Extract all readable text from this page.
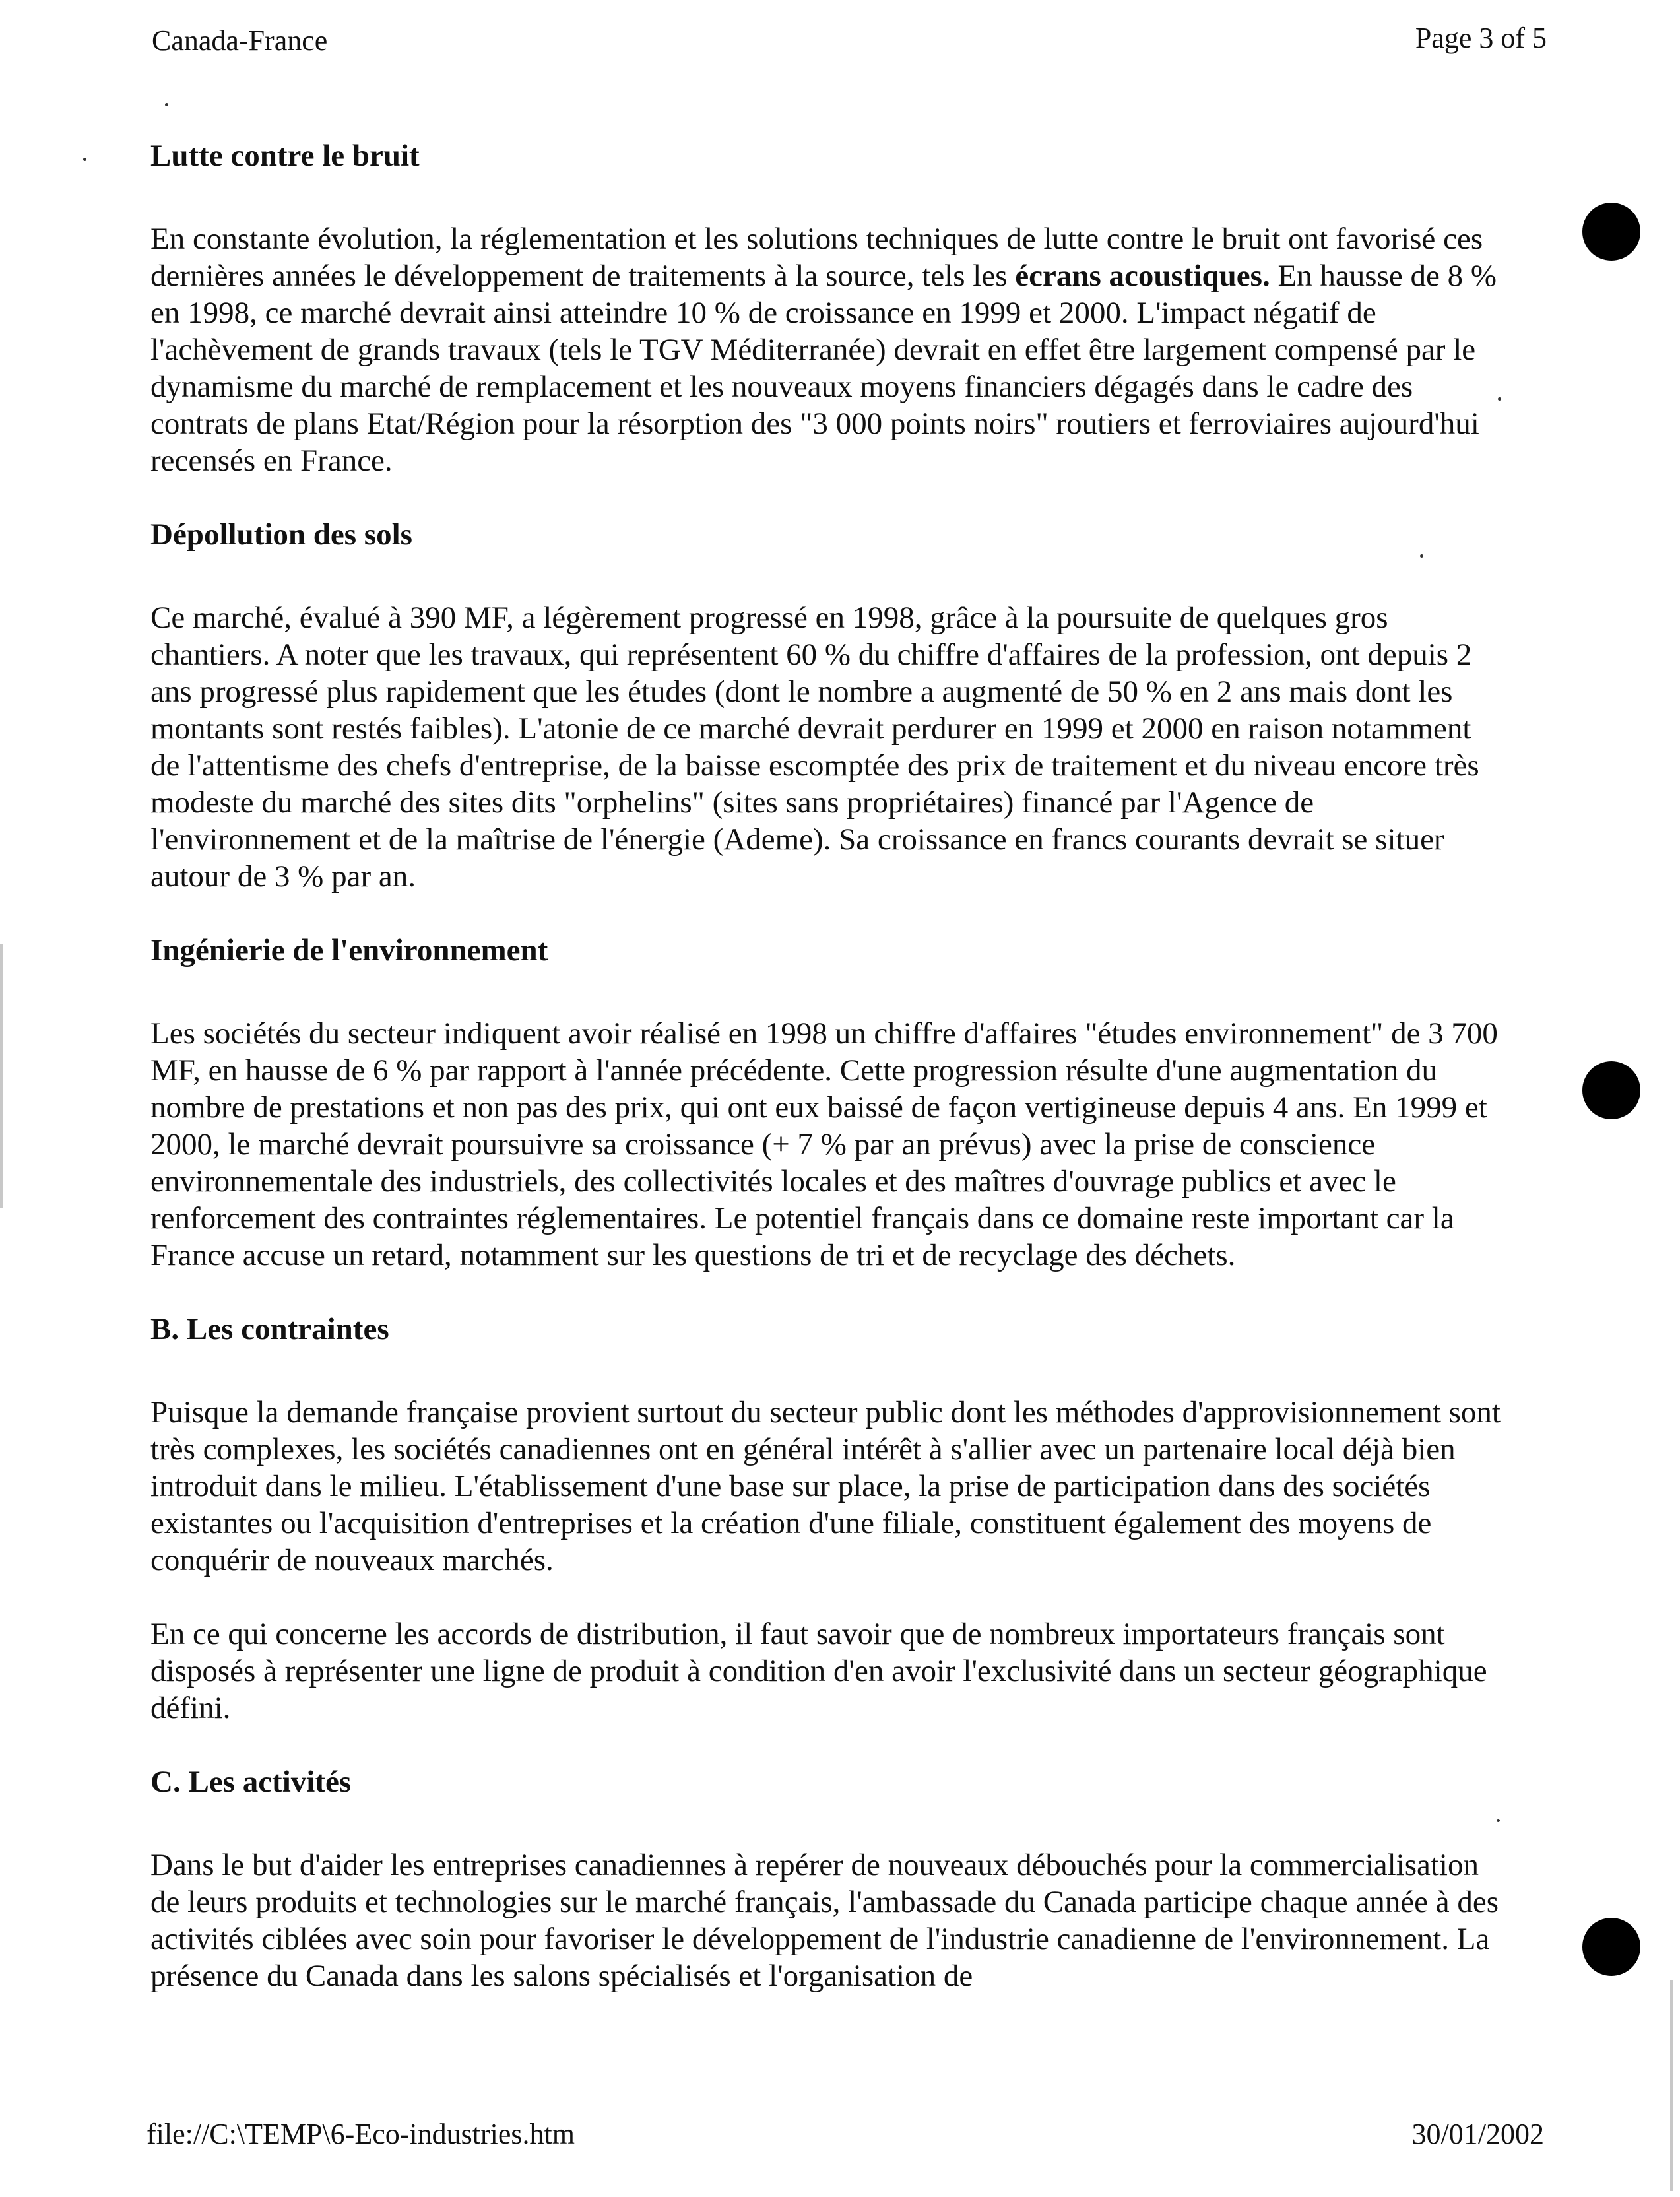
Canada-France	Page 3 of 5

Lutte contre le bruit

En constante évolution, la réglementation et les solutions techniques de lutte contre le bruit ont favorisé ces dernières années le développement de traitements à la source, tels les écrans acoustiques. En hausse de 8 % en 1998, ce marché devrait ainsi atteindre 10 % de croissance en 1999 et 2000. L'impact négatif de l'achèvement de grands travaux (tels le TGV Méditerranée) devrait en effet être largement compensé par le dynamisme du marché de remplacement et les nouveaux moyens financiers dégagés dans le cadre des contrats de plans Etat/Région pour la résorption des "3 000 points noirs" routiers et ferroviaires aujourd'hui recensés en France.

Dépollution des sols

Ce marché, évalué à 390 MF, a légèrement progressé en 1998, grâce à la poursuite de quelques gros chantiers. A noter que les travaux, qui représentent 60 % du chiffre d'affaires de la profession, ont depuis 2 ans progressé plus rapidement que les études (dont le nombre a augmenté de 50 % en 2 ans mais dont les montants sont restés faibles). L'atonie de ce marché devrait perdurer en 1999 et 2000 en raison notamment de l'attentisme des chefs d'entreprise, de la baisse escomptée des prix de traitement et du niveau encore très modeste du marché des sites dits "orphelins" (sites sans propriétaires) financé par l'Agence de l'environnement et de la maîtrise de l'énergie (Ademe). Sa croissance en francs courants devrait se situer autour de 3 % par an.

Ingénierie de l'environnement

Les sociétés du secteur indiquent avoir réalisé en 1998 un chiffre d'affaires "études environnement" de 3 700 MF, en hausse de 6 % par rapport à l'année précédente. Cette progression résulte d'une augmentation du nombre de prestations et non pas des prix, qui ont eux baissé de façon vertigineuse depuis 4 ans. En 1999 et 2000, le marché devrait poursuivre sa croissance (+ 7 % par an prévus) avec la prise de conscience environnementale des industriels, des collectivités locales et des maîtres d'ouvrage publics et avec le renforcement des contraintes réglementaires. Le potentiel français dans ce domaine reste important car la France accuse un retard, notamment sur les questions de tri et de recyclage des déchets.

B. Les contraintes

Puisque la demande française provient surtout du secteur public dont les méthodes d'approvisionnement sont très complexes, les sociétés canadiennes ont en général intérêt à s'allier avec un partenaire local déjà bien introduit dans le milieu. L'établissement d'une base sur place, la prise de participation dans des sociétés existantes ou l'acquisition d'entreprises et la création d'une filiale, constituent également des moyens de conquérir de nouveaux marchés.

En ce qui concerne les accords de distribution, il faut savoir que de nombreux importateurs français sont disposés à représenter une ligne de produit à condition d'en avoir l'exclusivité dans un secteur géographique défini.

C. Les activités

Dans le but d'aider les entreprises canadiennes à repérer de nouveaux débouchés pour la commercialisation de leurs produits et technologies sur le marché français, l'ambassade du Canada participe chaque année à des activités ciblées avec soin pour favoriser le développement de l'industrie canadienne de l'environnement. La présence du Canada dans les salons spécialisés et l'organisation de

file://C:\TEMP\6-Eco-industries.htm	30/01/2002
